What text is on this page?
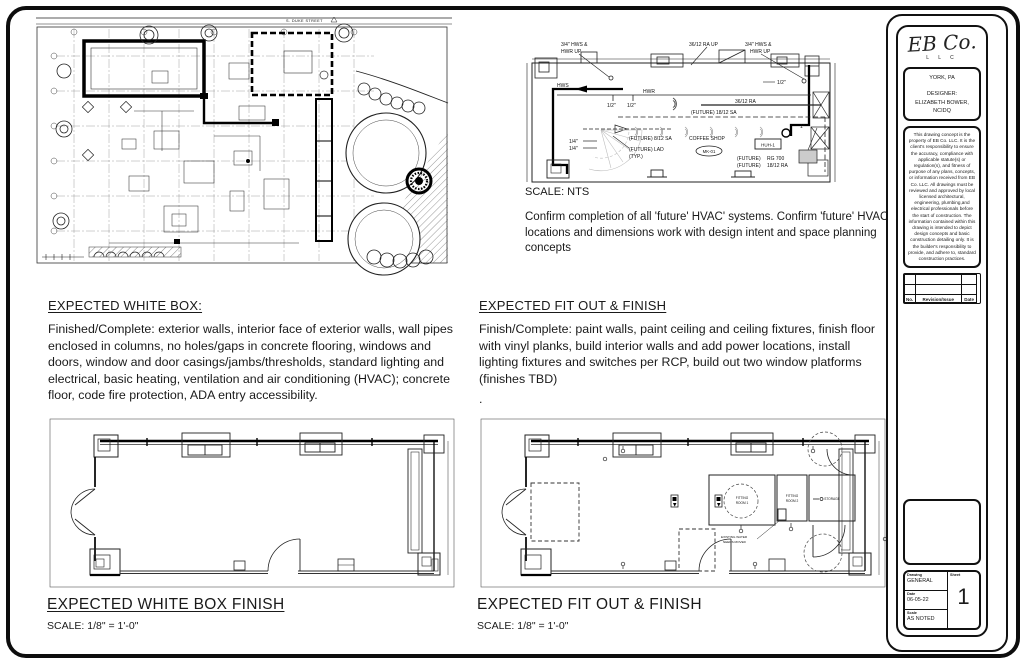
S. DUKE STREET
3/4" HWS &
HWR UP
36/12 RA UP	3/4" HWS &
HWR UP
1/2"
HWR
HWS
1/2" 1/2"
36/12 RA
(FUTURE) 18/12 SA
1/4"
1/4"
(FUTURE) 8/12 SA	COFFEE SHOP
(FUTURE) LAD
(TYP.)
MK-01
HUH-1
(FUTURE) RG 700
(FUTURE) 18/12 RA
1"
SCALE: NTS
Confirm completion of all 'future' HVAC' systems. Confirm 'future' HVAC locations and dimensions work with design intent and space planning concepts
EXPECTED WHITE BOX:
Finished/Complete: exterior walls, interior face of exterior walls, wall pipes enclosed in columns, no holes/gaps in concrete flooring, windows and doors, window and door casings/jambs/thresholds, standard lighting and electrical, basic heating, ventilation and air conditioning (HVAC); concrete floor, code fire protection, ADA entry accessibility.
EXPECTED FIT OUT & FINISH
Finish/Complete: paint walls, paint ceiling and ceiling fixtures, finish floor with vinyl planks, build interior walls and add power locations, install lighting fixtures and switches per RCP, build out two window platforms (finishes TBD)
.
EXPECTED WHITE BOX FINISH
SCALE: 1/8" = 1'-0"
FITTING
ROOM 1
FITTING
ROOM 2	STORAGE
EXISTING WATER
NEEDS MOVED
EXPECTED FIT OUT & FINISH
SCALE: 1/8" = 1'-0"
EB Co.
L L C
YORK, PA
DESIGNER:
ELIZABETH BOWER, NCIDQ
This drawing concept is the property of EB Co. LLC. It is the client's responsibility to ensure the accuracy, compliance with applicable statute(s) or regulation(s), and fitness of purpose of any plans, concepts, or information received from EB Co. LLC. All drawings must be reviewed and approved by local licensed architectural, engineering, plumbing,and electrical professionals before the start of construction. The information contained within this drawing is intended to depict design concepts and basic construction detailing only. It is the builder's responsibility to provide, and adhere to, standard construction practices.
No.	Revision/Issue	Date
Drawing
GENERAL
Date
06-05-22
Scale
AS NOTED
Sheet
1
